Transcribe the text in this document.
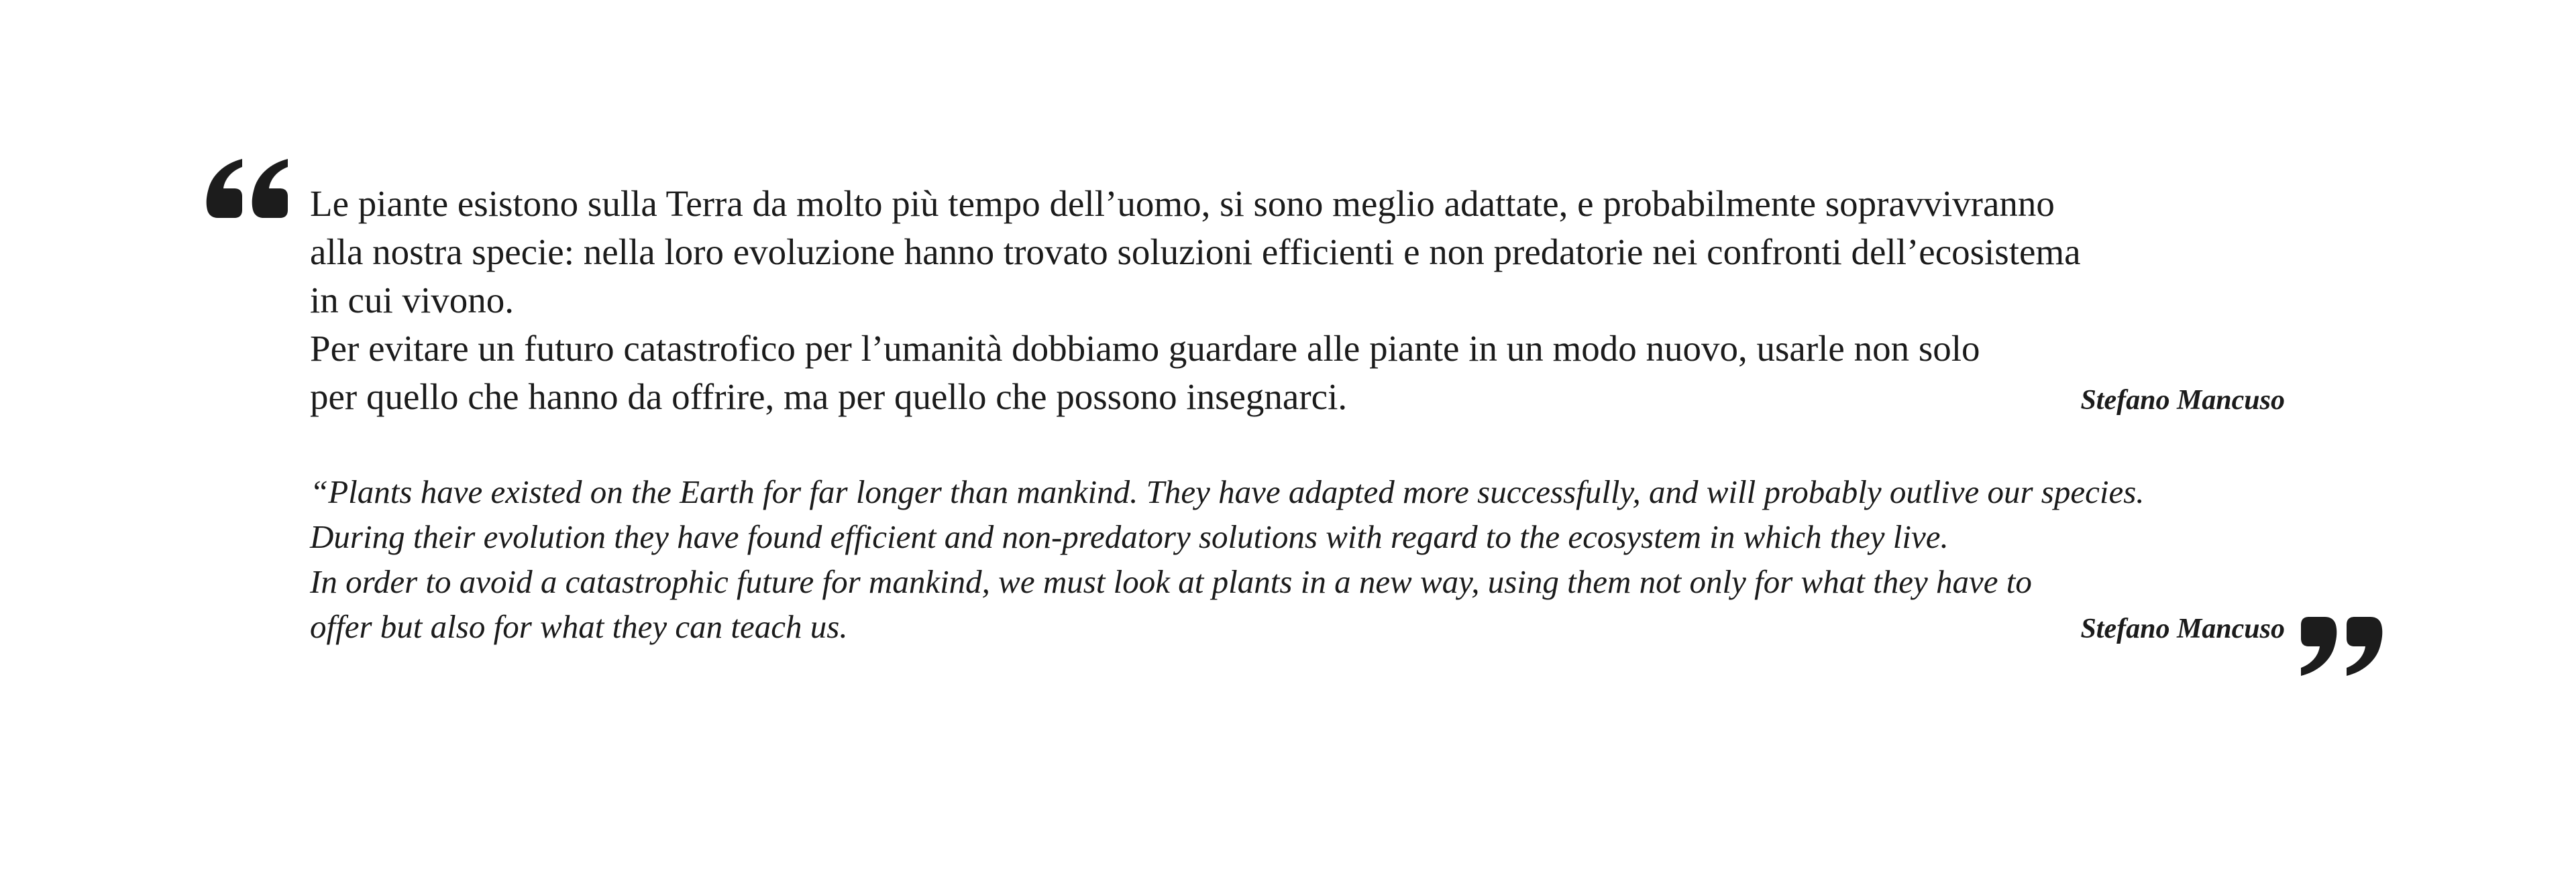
Le piante esistono sulla Terra da molto più tempo dell’uomo, si sono meglio adattate, e probabilmente sopravvivranno
alla nostra specie: nella loro evoluzione hanno trovato soluzioni efficienti e non predatorie nei confronti dell’ecosistema
in cui vivono.
Per evitare un futuro catastrofico per l’umanità dobbiamo guardare alle piante in un modo nuovo, usarle non solo
per quello che hanno da offrire, ma per quello che possono insegnarci.	Stefano Mancuso
“Plants have existed on the Earth for far longer than mankind. They have adapted more successfully, and will probably outlive our species.
During their evolution they have found efficient and non-predatory solutions with regard to the ecosystem in which they live.
In order to avoid a catastrophic future for mankind, we must look at plants in a new way, using them not only for what they have to
offer but also for what they can teach us.	Stefano Mancuso
